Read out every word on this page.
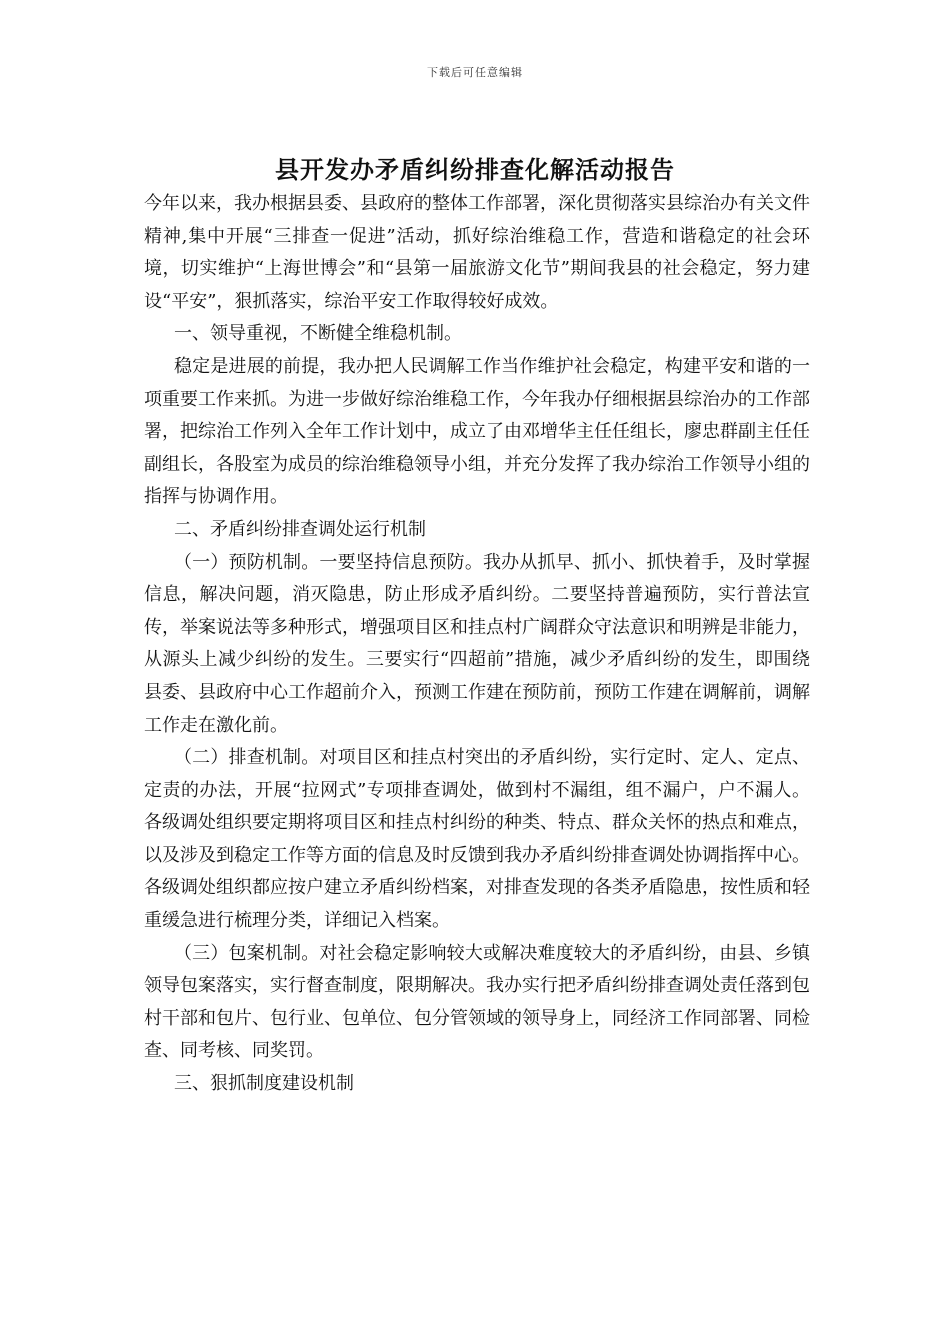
下载后可任意编辑
县开发办矛盾纠纷排查化解活动报告

今年以来，我办根据县委、县政府的整体工作部署，深化贯彻落实县综治办有关文件精神,集中开展“三排查一促进”活动，抓好综治维稳工作，营造和谐稳定的社会环境，切实维护“上海世博会”和“县第一届旅游文化节”期间我县的社会稳定，努力建设“平安”，狠抓落实，综治平安工作取得较好成效。

一、领导重视，不断健全维稳机制。

稳定是进展的前提，我办把人民调解工作当作维护社会稳定，构建平安和谐的一项重要工作来抓。为进一步做好综治维稳工作，今年我办仔细根据县综治办的工作部署，把综治工作列入全年工作计划中，成立了由邓增华主任任组长，廖忠群副主任任副组长，各股室为成员的综治维稳领导小组，并充分发挥了我办综治工作领导小组的指挥与协调作用。

二、矛盾纠纷排查调处运行机制

（一）预防机制。一要坚持信息预防。我办从抓早、抓小、抓快着手，及时掌握信息，解决问题，消灭隐患，防止形成矛盾纠纷。二要坚持普遍预防，实行普法宣传，举案说法等多种形式，增强项目区和挂点村广阔群众守法意识和明辨是非能力，从源头上减少纠纷的发生。三要实行“四超前”措施，减少矛盾纠纷的发生，即围绕县委、县政府中心工作超前介入，预测工作建在预防前，预防工作建在调解前，调解工作走在激化前。

（二）排查机制。对项目区和挂点村突出的矛盾纠纷，实行定时、定人、定点、定责的办法，开展“拉网式”专项排查调处，做到村不漏组，组不漏户，户不漏人。各级调处组织要定期将项目区和挂点村纠纷的种类、特点、群众关怀的热点和难点，以及涉及到稳定工作等方面的信息及时反馈到我办矛盾纠纷排查调处协调指挥中心。各级调处组织都应按户建立矛盾纠纷档案，对排查发现的各类矛盾隐患，按性质和轻重缓急进行梳理分类，详细记入档案。

（三）包案机制。对社会稳定影响较大或解决难度较大的矛盾纠纷，由县、乡镇领导包案落实，实行督查制度，限期解决。我办实行把矛盾纠纷排查调处责任落到包村干部和包片、包行业、包单位、包分管领域的领导身上，同经济工作同部署、同检查、同考核、同奖罚。

三、狠抓制度建设机制
